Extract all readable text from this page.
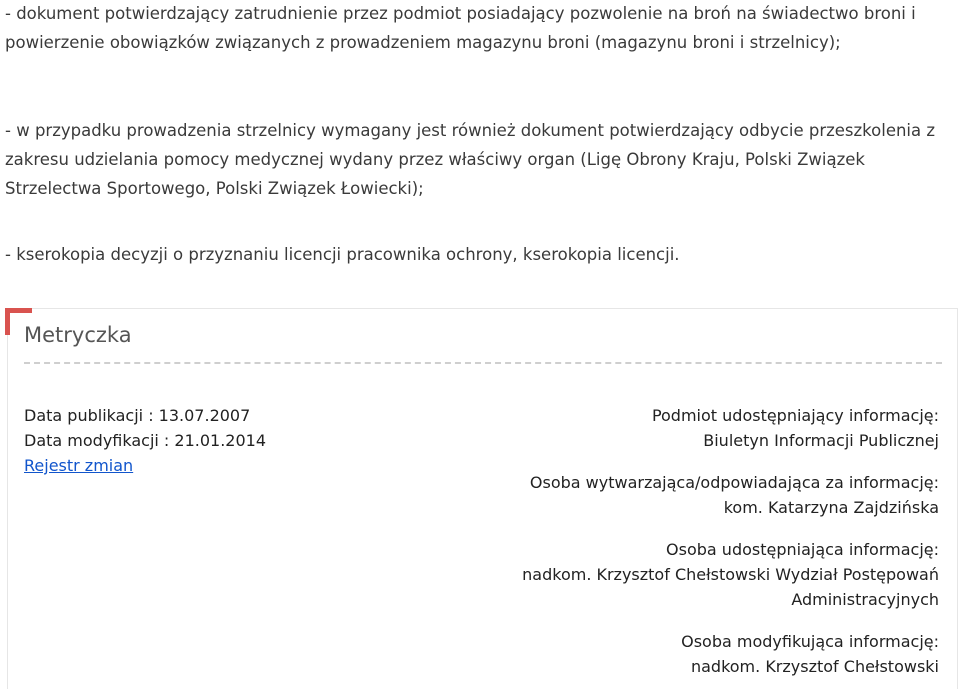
- dokument potwierdzający zatrudnienie przez podmiot posiadający pozwolenie na broń na świadectwo broni i powierzenie obowiązków związanych z prowadzeniem magazynu broni (magazynu broni i strzelnicy);

- w przypadku prowadzenia strzelnicy wymagany jest również dokument potwierdzający odbycie przeszkolenia z zakresu udzielania pomocy medycznej wydany przez właściwy organ (Ligę Obrony Kraju, Polski Związek Strzelectwa Sportowego, Polski Związek Łowiecki);

- kserokopia decyzji o przyznaniu licencji pracownika ochrony, kserokopia licencji.

Metryczka
Data publikacji : 13.07.2007
Data modyfikacji : 21.01.2014
Rejestr zmian
Podmiot udostępniający informację:
Biuletyn Informacji Publicznej
Osoba wytwarzająca/odpowiadająca za informację:
kom. Katarzyna Zajdzińska
Osoba udostępniająca informację:
nadkom. Krzysztof Chełstowski Wydział Postępowań
Administracyjnych
Osoba modyfikująca informację:
nadkom. Krzysztof Chełstowski
